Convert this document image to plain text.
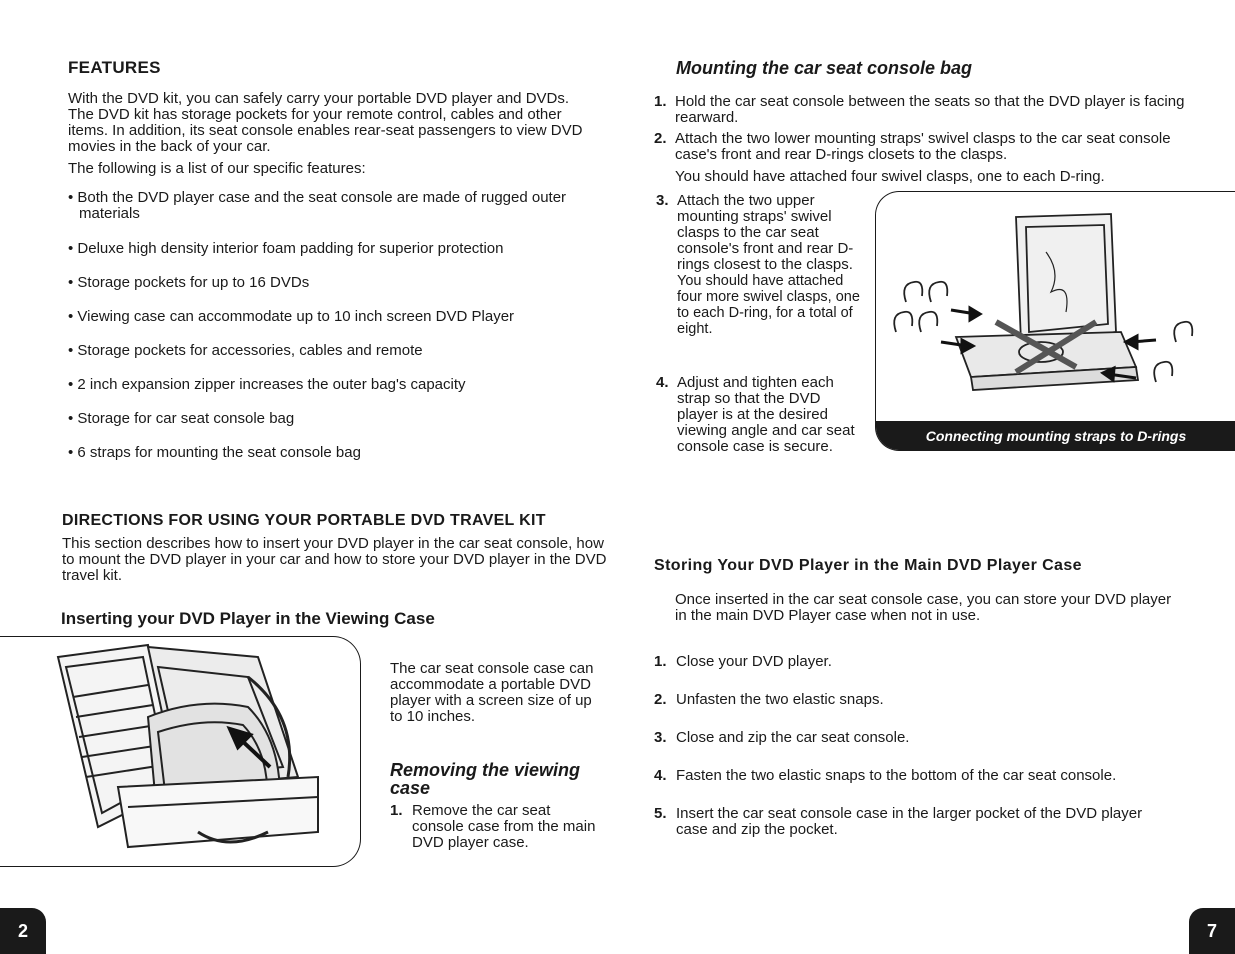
FEATURES

With the DVD kit, you can safely carry your portable DVD player and DVDs. The DVD kit has storage pockets for your remote control, cables and other items. In addition, its seat console enables rear-seat passengers to view DVD movies in the back of your car.

The following is a list of our specific features:

• Both the DVD player case and the seat console are made of rugged outer materials

• Deluxe high density interior foam padding for superior protection

• Storage pockets for up to 16 DVDs

• Viewing case can accommodate up to 10 inch screen DVD Player

• Storage pockets for accessories, cables and remote

• 2 inch expansion zipper increases the outer bag's capacity

• Storage for car seat console bag

• 6 straps for mounting the seat console bag

DIRECTIONS FOR USING YOUR PORTABLE DVD TRAVEL KIT

This section describes how to insert your DVD player in the car seat console, how to mount the DVD player in your car and how to store your DVD player in the DVD travel kit.

Inserting your DVD Player in the Viewing Case

The car seat console case can accommodate a portable DVD player with a screen size of up to 10 inches.

Removing the viewing case

1. Remove the car seat console case from the main DVD player case.
2

Mounting the car seat console bag

1. Hold the car seat console between the seats so that the DVD player is facing rearward.
2. Attach the two lower mounting straps' swivel clasps to the car seat console case's front and rear D-rings closets to the clasps.

You should have attached four swivel clasps, one to each D-ring.

3. Attach the two upper mounting straps' swivel clasps to the car seat console's front and rear D-rings closest to the clasps.

You should have attached four more swivel clasps, one to each D-ring, for a total of eight.

4. Adjust and tighten each strap so that the DVD player is at the desired viewing angle and car seat console case is secure.

Connecting mounting straps to D-rings

Storing Your DVD Player in the Main DVD Player Case

Once inserted in the car seat console case, you can store your DVD player in the main DVD Player case when not in use.

1. Close your DVD player.
2. Unfasten the two elastic snaps.
3. Close and zip the car seat console.
4. Fasten the two elastic snaps to the bottom of the car seat console.
5. Insert the car seat console case in the larger pocket of the DVD player case and zip the pocket.
7
